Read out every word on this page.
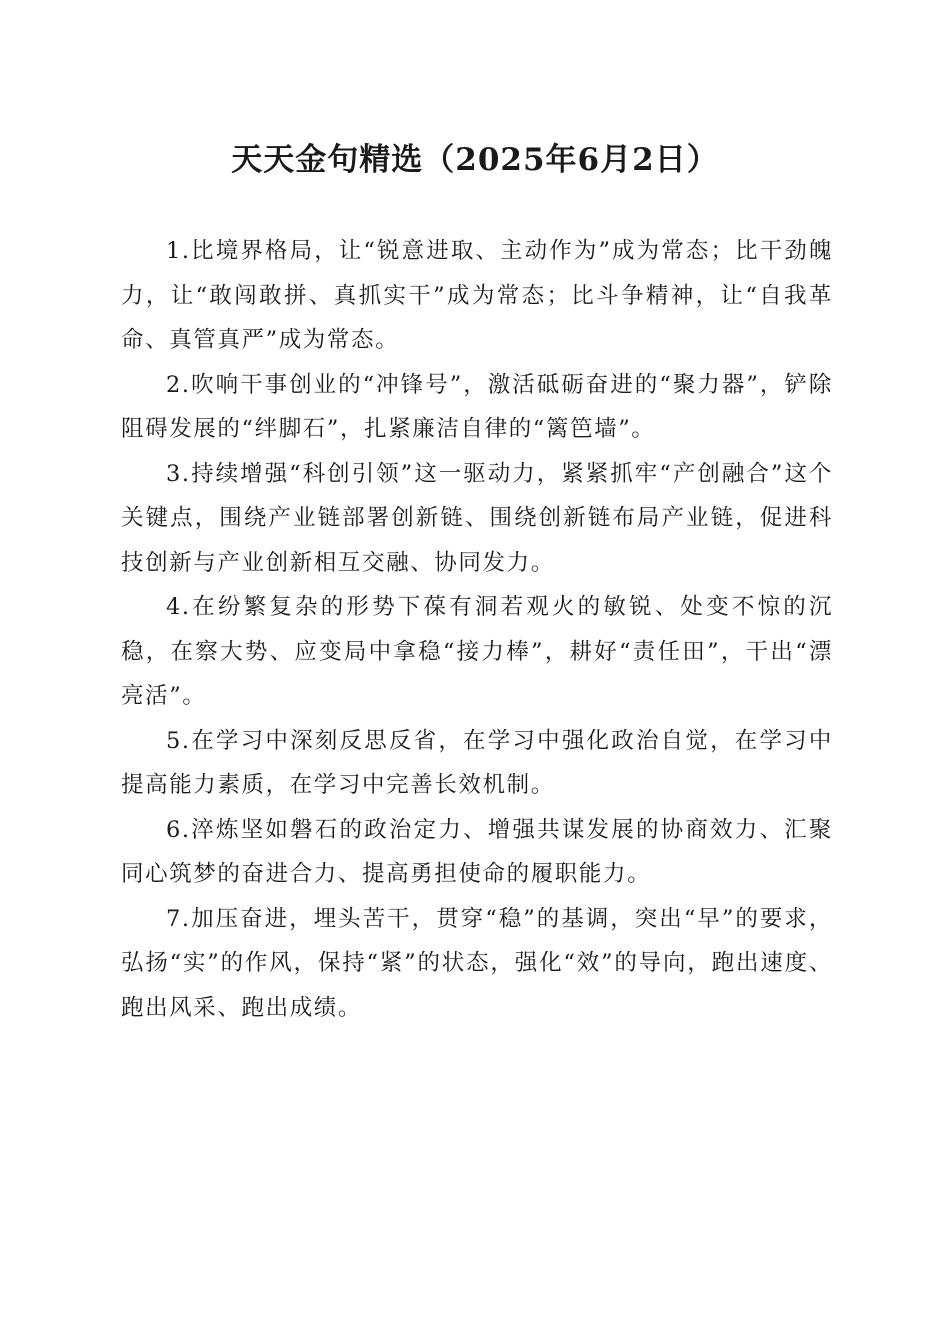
天天金句精选（2025年6月2日）

1.比境界格局，让“锐意进取、主动作为”成为常态；比干劲魄力，让“敢闯敢拼、真抓实干”成为常态；比斗争精神，让“自我革命、真管真严”成为常态。

2.吹响干事创业的“冲锋号”，激活砥砺奋进的“聚力器”，铲除阻碍发展的“绊脚石”，扎紧廉洁自律的“篱笆墙”。

3.持续增强“科创引领”这一驱动力，紧紧抓牢“产创融合”这个关键点，围绕产业链部署创新链、围绕创新链布局产业链，促进科技创新与产业创新相互交融、协同发力。

4.在纷繁复杂的形势下葆有洞若观火的敏锐、处变不惊的沉稳，在察大势、应变局中拿稳“接力棒”，耕好“责任田”，干出“漂亮活”。

5.在学习中深刻反思反省，在学习中强化政治自觉，在学习中提高能力素质，在学习中完善长效机制。

6.淬炼坚如磐石的政治定力、增强共谋发展的协商效力、汇聚同心筑梦的奋进合力、提高勇担使命的履职能力。

7.加压奋进，埋头苦干，贯穿“稳”的基调，突出“早”的要求，弘扬“实”的作风，保持“紧”的状态，强化“效”的导向，跑出速度、跑出风采、跑出成绩。
